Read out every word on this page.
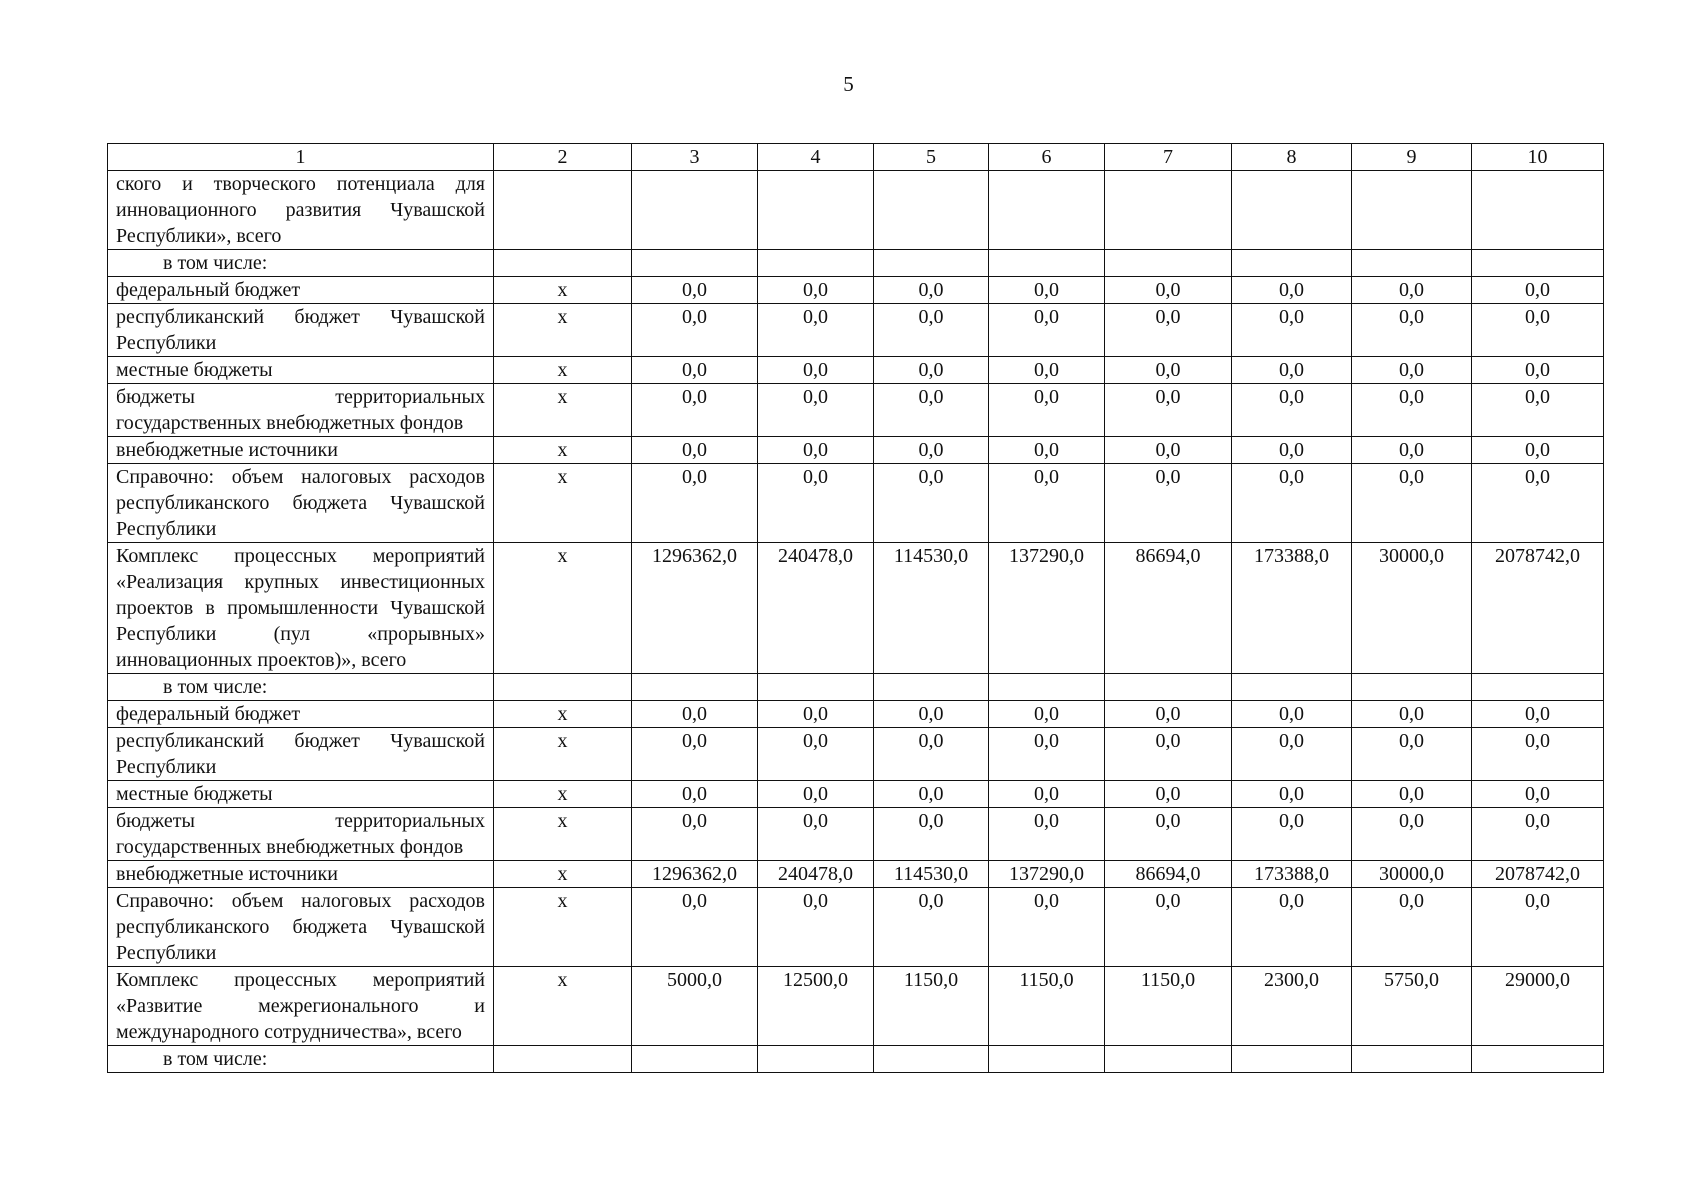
5
1	2	3	4	5	6	7	8	9	10
ского и творческого потенциала для инновационного развития Чувашской Республики», всего									
в том числе:									
федеральный бюджет	x	0,0	0,0	0,0	0,0	0,0	0,0	0,0	0,0
республиканский бюджет Чувашской Республики	x	0,0	0,0	0,0	0,0	0,0	0,0	0,0	0,0
местные бюджеты	x	0,0	0,0	0,0	0,0	0,0	0,0	0,0	0,0
бюджеты территориальных государственных внебюджетных фондов	x	0,0	0,0	0,0	0,0	0,0	0,0	0,0	0,0
внебюджетные источники	x	0,0	0,0	0,0	0,0	0,0	0,0	0,0	0,0
Справочно: объем налоговых расходов республиканского бюджета Чувашской Республики	x	0,0	0,0	0,0	0,0	0,0	0,0	0,0	0,0
Комплекс процессных мероприятий «Реализация крупных инвестиционных проектов в промышленности Чувашской Республики (пул «прорывных» инновационных проектов)», всего	x	1296362,0	240478,0	114530,0	137290,0	86694,0	173388,0	30000,0	2078742,0
в том числе:									
федеральный бюджет	x	0,0	0,0	0,0	0,0	0,0	0,0	0,0	0,0
республиканский бюджет Чувашской Республики	x	0,0	0,0	0,0	0,0	0,0	0,0	0,0	0,0
местные бюджеты	x	0,0	0,0	0,0	0,0	0,0	0,0	0,0	0,0
бюджеты территориальных государственных внебюджетных фондов	x	0,0	0,0	0,0	0,0	0,0	0,0	0,0	0,0
внебюджетные источники	x	1296362,0	240478,0	114530,0	137290,0	86694,0	173388,0	30000,0	2078742,0
Справочно: объем налоговых расходов республиканского бюджета Чувашской Республики	x	0,0	0,0	0,0	0,0	0,0	0,0	0,0	0,0
Комплекс процессных мероприятий «Развитие межрегионального и международного сотрудничества», всего	x	5000,0	12500,0	1150,0	1150,0	1150,0	2300,0	5750,0	29000,0
в том числе:									
